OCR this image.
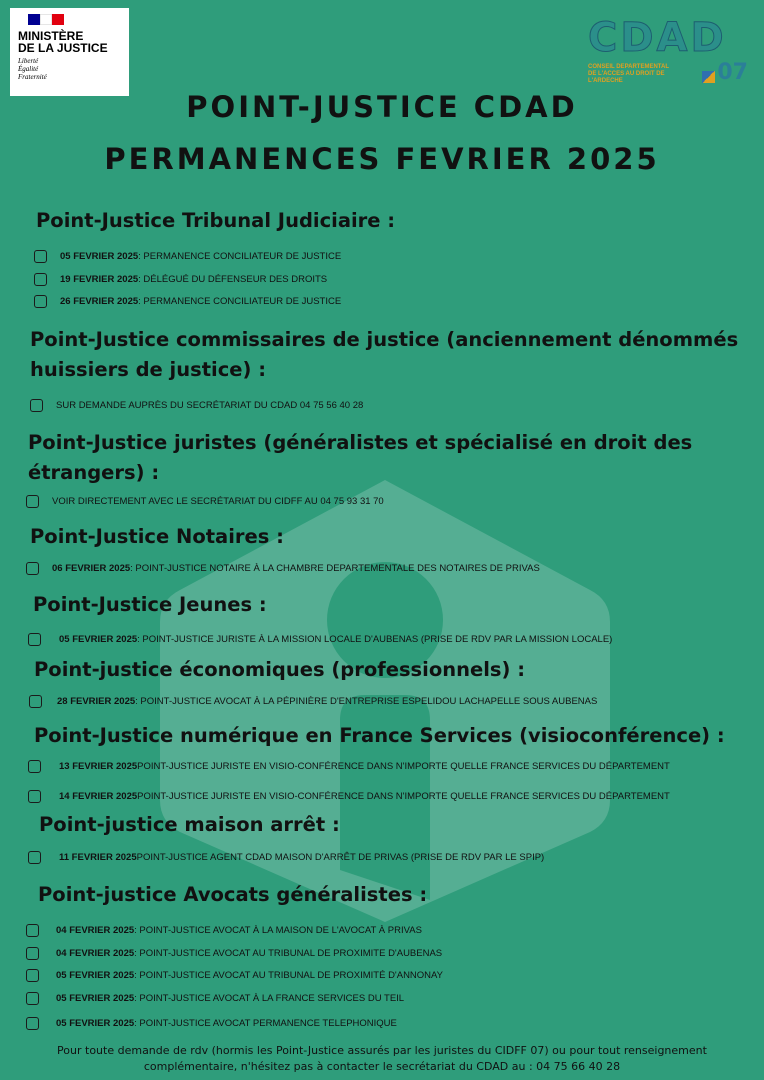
MINISTÈRE
DE LA JUSTICE
Liberté
Égalité
Fraternité
CDAD
CONSEIL DEPARTEMENTAL
DE L'ACCES AU DROIT DE L'ARDECHE	07
POINT-JUSTICE CDAD
PERMANENCES FEVRIER 2025
Point-Justice Tribunal Judiciaire :
05 FEVRIER 2025 : PERMANENCE CONCILIATEUR DE JUSTICE
19 FEVRIER 2025 : DÉLÉGUÉ DU DÉFENSEUR DES DROITS
26 FEVRIER 2025 : PERMANENCE CONCILIATEUR DE JUSTICE
Point-Justice commissaires de justice (anciennement dénommés
huissiers de justice) :
SUR DEMANDE AUPRÈS DU SECRÉTARIAT DU CDAD 04 75 56 40 28
Point-Justice juristes (généralistes et spécialisé en droit des
étrangers) :
VOIR DIRECTEMENT AVEC LE SECRÉTARIAT DU CIDFF AU 04 75 93 31 70
Point-Justice Notaires :
06 FEVRIER 2025 : POINT-JUSTICE NOTAIRE À LA CHAMBRE DEPARTEMENTALE DES NOTAIRES DE PRIVAS
Point-Justice Jeunes :
05 FEVRIER 2025 : POINT-JUSTICE JURISTE À LA MISSION LOCALE D'AUBENAS (PRISE DE RDV PAR LA MISSION LOCALE)
Point-justice économiques (professionnels) :
28 FEVRIER 2025 : POINT-JUSTICE AVOCAT À LA PÉPINIÈRE D'ENTREPRISE ESPELIDOU LACHAPELLE SOUS AUBENAS
Point-Justice numérique en France Services (visioconférence) :
13 FEVRIER 2025 POINT-JUSTICE JURISTE EN VISIO-CONFÉRENCE DANS N'IMPORTE QUELLE FRANCE SERVICES DU DÉPARTEMENT
14 FEVRIER 2025 POINT-JUSTICE JURISTE EN VISIO-CONFÉRENCE DANS N'IMPORTE QUELLE FRANCE SERVICES DU DÉPARTEMENT
Point-justice maison arrêt :
11 FEVRIER 2025 POINT-JUSTICE AGENT CDAD MAISON D'ARRÊT DE PRIVAS (PRISE DE RDV PAR LE SPIP)
Point-justice Avocats généralistes :
04 FEVRIER 2025 : POINT-JUSTICE AVOCAT À LA MAISON DE L'AVOCAT À PRIVAS
04 FEVRIER 2025 : POINT-JUSTICE AVOCAT AU TRIBUNAL DE PROXIMITE D'AUBENAS
05 FEVRIER 2025 : POINT-JUSTICE AVOCAT AU TRIBUNAL DE PROXIMITÉ D'ANNONAY
05 FEVRIER 2025 : POINT-JUSTICE AVOCAT À LA FRANCE SERVICES DU TEIL
05 FEVRIER 2025 : POINT-JUSTICE AVOCAT PERMANENCE TELEPHONIQUE
Pour toute demande de rdv (hormis les Point-Justice assurés par les juristes du CIDFF 07) ou pour tout renseignement
complémentaire, n'hésitez pas à contacter le secrétariat du CDAD au : 04 75 66 40 28
